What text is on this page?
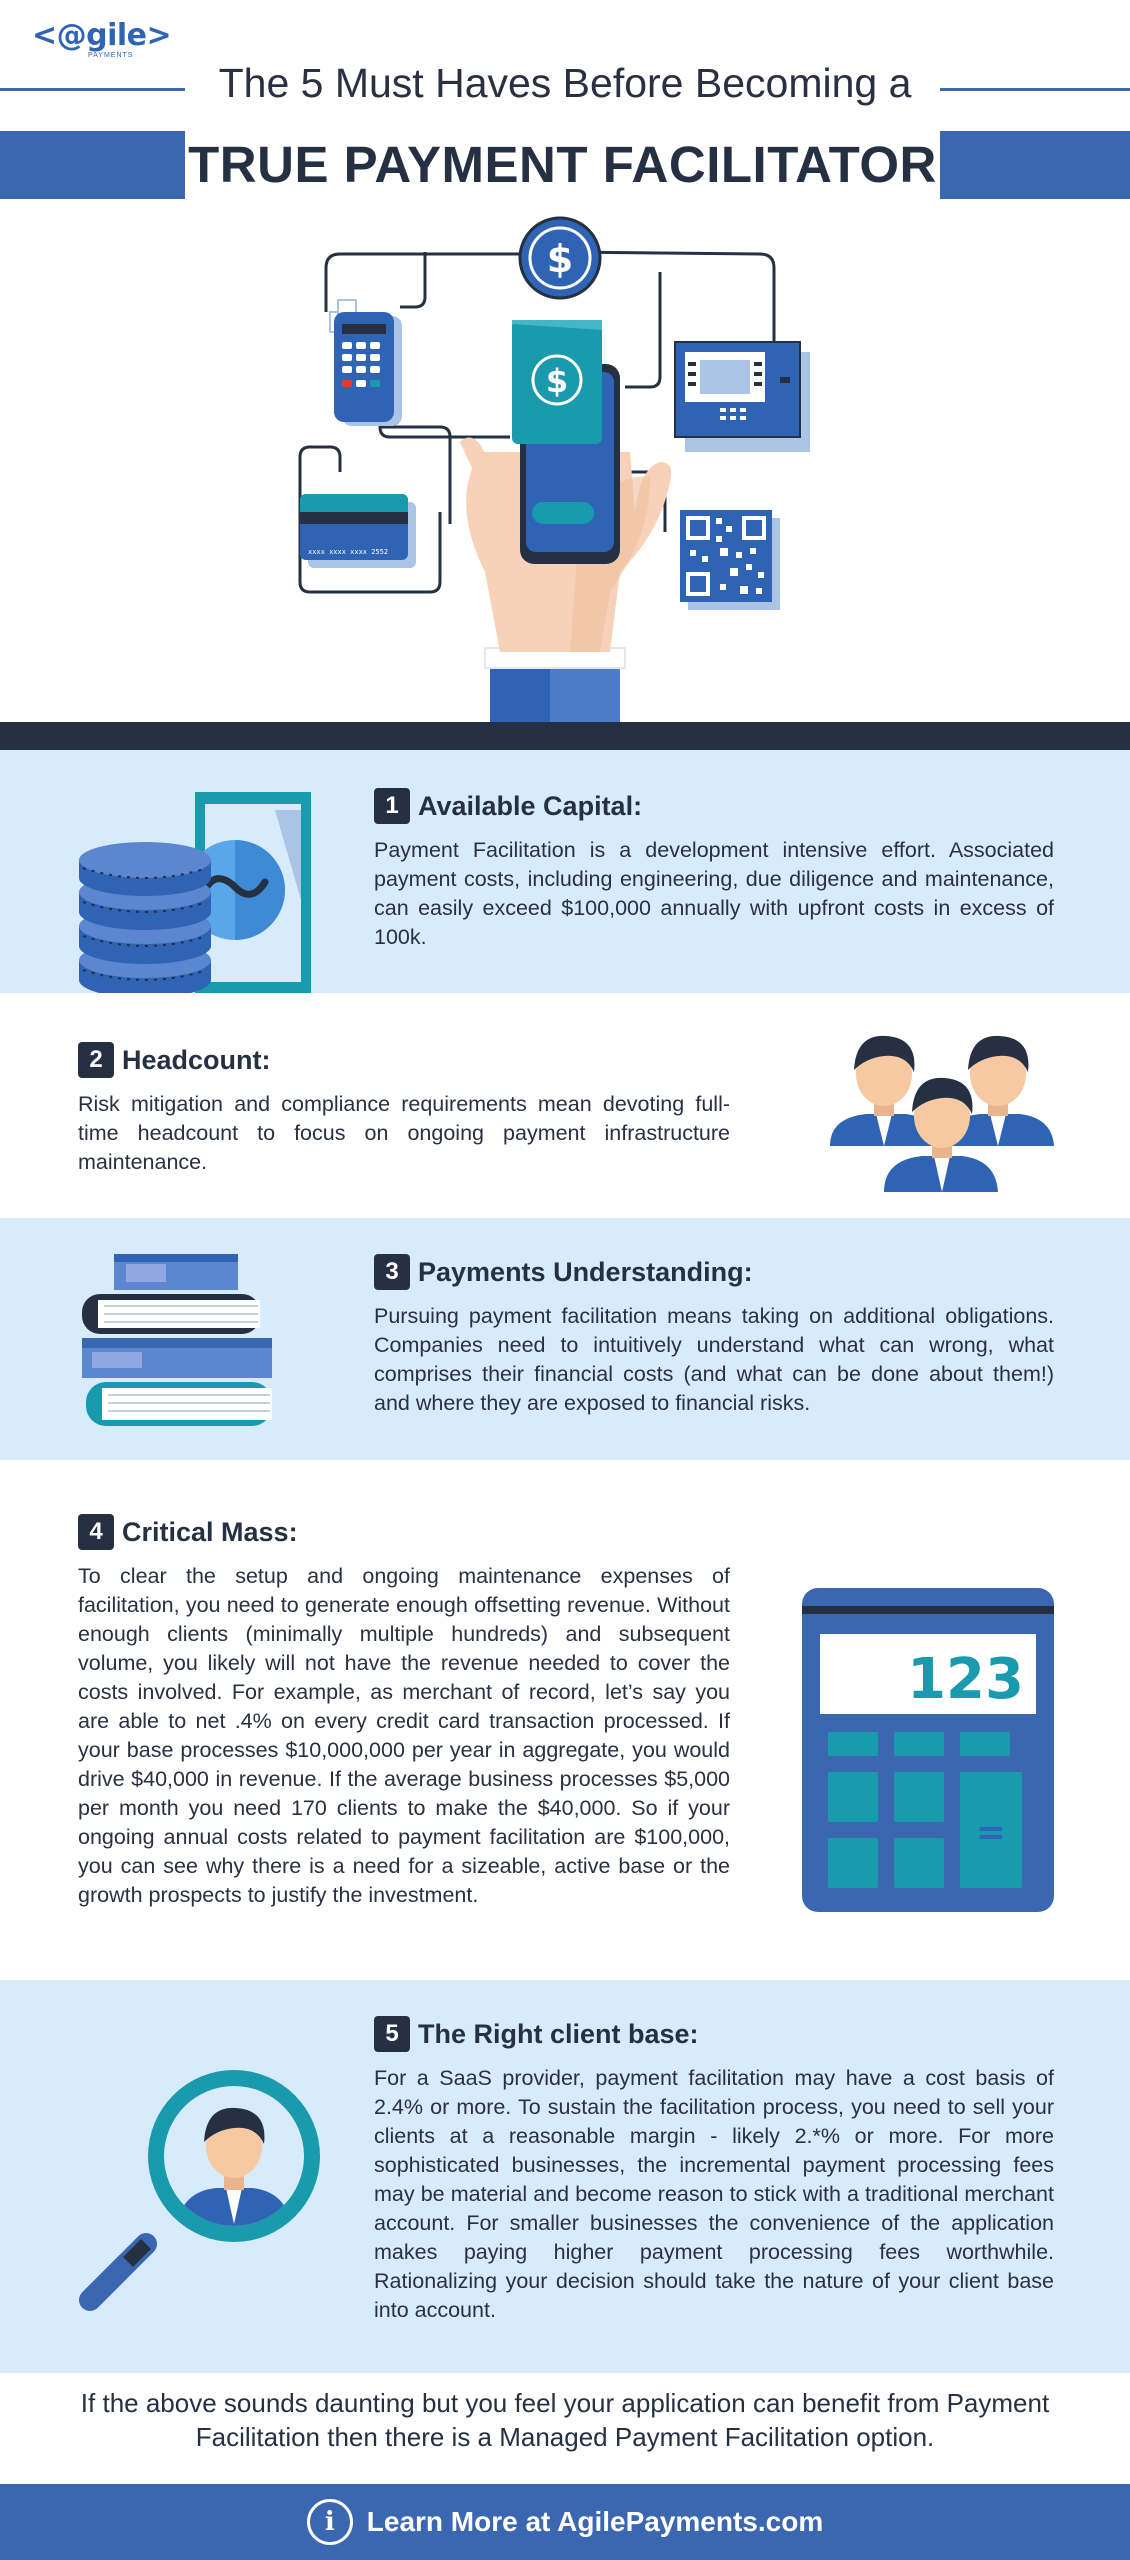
<@gile>
PAYMENTS
The 5 Must Haves Before Becoming a
TRUE PAYMENT FACILITATOR
$
xxxx xxxx xxxx 2552
$
1 Available Capital:

Payment Facilitation is a development intensive effort. Associated payment costs, including engineering, due diligence and maintenance, can easily exceed $100,000 annually with upfront costs in excess of 100k.

2 Headcount:

Risk mitigation and compliance requirements mean devoting full-time headcount to focus on ongoing payment infrastructure maintenance.

3 Payments Understanding:

Pursuing payment facilitation means taking on additional obligations. Companies need to intuitively understand what can wrong, what comprises their financial costs (and what can be done about them!) and where they are exposed to financial risks.

4 Critical Mass:

To clear the setup and ongoing maintenance expenses of facilitation, you need to generate enough offsetting revenue. Without enough clients (minimally multiple hundreds) and subsequent volume, you likely will not have the revenue needed to cover the costs involved. For example, as merchant of record, let’s say you are able to net .4% on every credit card transaction processed. If your base processes $10,000,000 per year in aggregate, you would drive $40,000 in revenue. If the average business processes $5,000 per month you need 170 clients to make the $40,000. So if your ongoing annual costs related to payment facilitation are $100,000, you can see why there is a need for a sizeable, active base or the growth prospects to justify the investment.

123
=
5 The Right client base:

For a SaaS provider, payment facilitation may have a cost basis of 2.4% or more. To sustain the facilitation process, you need to sell your clients at a reasonable margin - likely 2.*% or more. For more sophisticated businesses, the incremental payment processing fees may be material and become reason to stick with a traditional merchant account. For smaller businesses the convenience of the application makes paying higher payment processing fees worthwhile. Rationalizing your decision should take the nature of your client base into account.

If the above sounds daunting but you feel your application can benefit from Payment Facilitation then there is a Managed Payment Facilitation option.

i	Learn More at AgilePayments.com
